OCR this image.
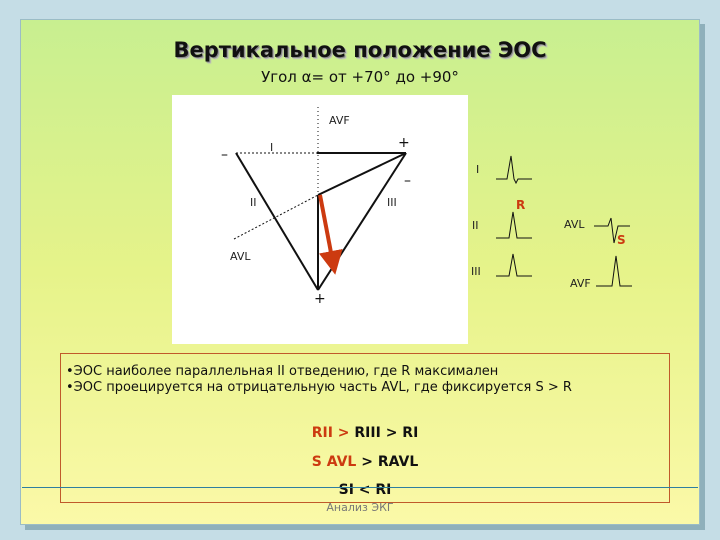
Вертикальное положение ЭОС
Угол α= от +70° до +90°
AVF
I
II	III
AVL
–
+
–
+
I
R
II
III
AVL
S
AVF
•ЭОС наиболее параллельная II отведению, где R максимален
•ЭОС проецируется на отрицательную часть AVL, где фиксируется S > R
RII > RIII > RI
S AVL > RAVL
SI < RI
Анализ ЭКГ
